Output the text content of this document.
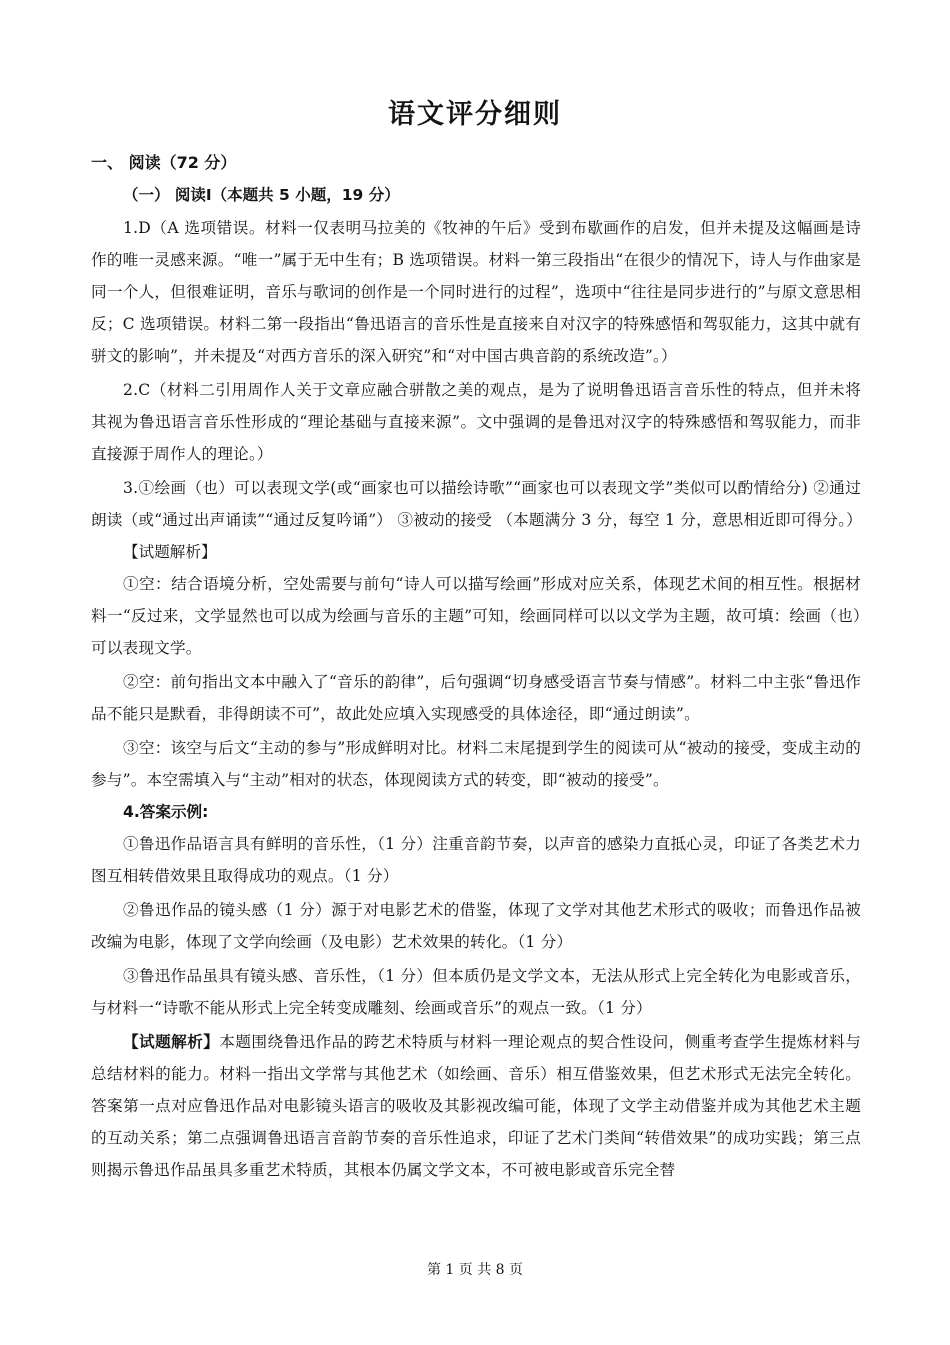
语文评分细则

一、 阅读（72 分）

（一） 阅读Ⅰ（本题共 5 小题，19 分）

1.D（A 选项错误。材料一仅表明马拉美的《牧神的午后》受到布歇画作的启发，但并未提及这幅画是诗作的唯一灵感来源。“唯一”属于无中生有；B 选项错误。材料一第三段指出“在很少的情况下，诗人与作曲家是同一个人，但很难证明，音乐与歌词的创作是一个同时进行的过程”，选项中“往往是同步进行的”与原文意思相反；C 选项错误。材料二第一段指出“鲁迅语言的音乐性是直接来自对汉字的特殊感悟和驾驭能力，这其中就有骈文的影响”，并未提及“对西方音乐的深入研究”和“对中国古典音韵的系统改造”。）

2.C（材料二引用周作人关于文章应融合骈散之美的观点，是为了说明鲁迅语言音乐性的特点，但并未将其视为鲁迅语言音乐性形成的“理论基础与直接来源”。文中强调的是鲁迅对汉字的特殊感悟和驾驭能力，而非直接源于周作人的理论。）

3.①绘画（也）可以表现文学(或“画家也可以描绘诗歌”“画家也可以表现文学”类似可以酌情给分) ②通过朗读（或“通过出声诵读”“通过反复吟诵”） ③被动的接受 （本题满分 3 分，每空 1 分，意思相近即可得分。）

【试题解析】

①空：结合语境分析，空处需要与前句“诗人可以描写绘画”形成对应关系，体现艺术间的相互性。根据材料一“反过来，文学显然也可以成为绘画与音乐的主题”可知，绘画同样可以以文学为主题，故可填：绘画（也）可以表现文学。

②空：前句指出文本中融入了“音乐的韵律”，后句强调“切身感受语言节奏与情感”。材料二中主张“鲁迅作品不能只是默看，非得朗读不可”，故此处应填入实现感受的具体途径，即“通过朗读”。

③空：该空与后文“主动的参与”形成鲜明对比。材料二末尾提到学生的阅读可从“被动的接受，变成主动的参与”。本空需填入与“主动”相对的状态，体现阅读方式的转变，即“被动的接受”。

4.答案示例:

①鲁迅作品语言具有鲜明的音乐性，（1 分）注重音韵节奏，以声音的感染力直抵心灵，印证了各类艺术力图互相转借效果且取得成功的观点。（1 分）

②鲁迅作品的镜头感（1 分）源于对电影艺术的借鉴，体现了文学对其他艺术形式的吸收；而鲁迅作品被改编为电影，体现了文学向绘画（及电影）艺术效果的转化。（1 分）

③鲁迅作品虽具有镜头感、音乐性，（1 分）但本质仍是文学文本，无法从形式上完全转化为电影或音乐，与材料一“诗歌不能从形式上完全转变成雕刻、绘画或音乐”的观点一致。（1 分）

【试题解析】本题围绕鲁迅作品的跨艺术特质与材料一理论观点的契合性设问，侧重考查学生提炼材料与总结材料的能力。材料一指出文学常与其他艺术（如绘画、音乐）相互借鉴效果，但艺术形式无法完全转化。答案第一点对应鲁迅作品对电影镜头语言的吸收及其影视改编可能，体现了文学主动借鉴并成为其他艺术主题的互动关系；第二点强调鲁迅语言音韵节奏的音乐性追求，印证了艺术门类间“转借效果”的成功实践；第三点则揭示鲁迅作品虽具多重艺术特质，其根本仍属文学文本，不可被电影或音乐完全替

第 1 页 共 8 页
